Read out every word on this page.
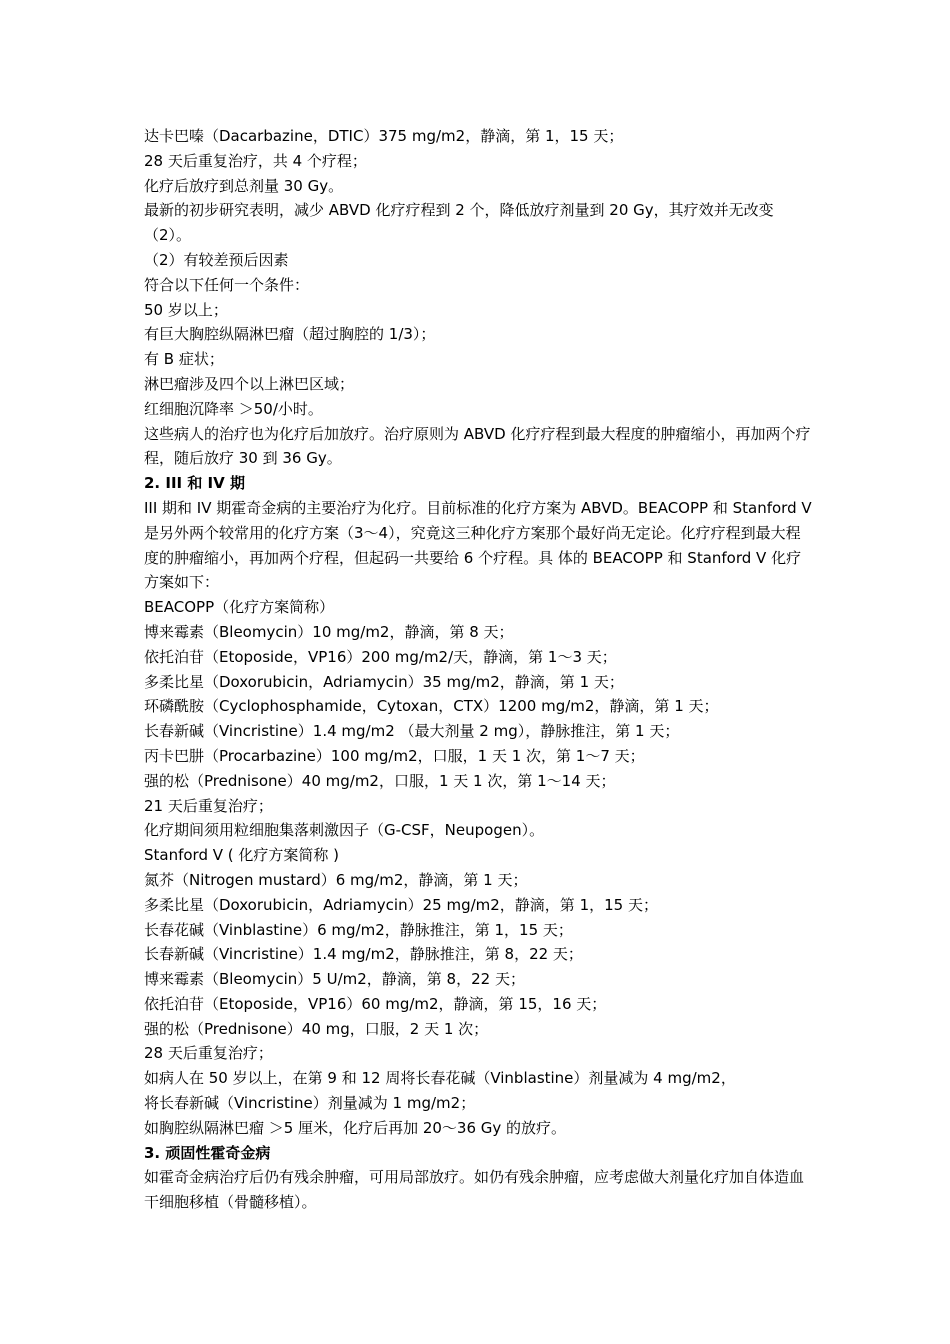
达卡巴嗪（Dacarbazine，DTIC）375 mg/m2，静滴，第 1，15 天；
28 天后重复治疗，共 4 个疗程；
化疗后放疗到总剂量 30 Gy。
最新的初步研究表明，减少 ABVD 化疗疗程到 2 个，降低放疗剂量到 20 Gy，其疗效并无改变（2）。
（2）有较差预后因素
符合以下任何一个条件：
50 岁以上；
有巨大胸腔纵隔淋巴瘤（超过胸腔的 1/3）；
有 B 症状；
淋巴瘤涉及四个以上淋巴区域；
红细胞沉降率 ＞50/小时。
这些病人的治疗也为化疗后加放疗。治疗原则为 ABVD 化疗疗程到最大程度的肿瘤缩小，再加两个疗程，随后放疗 30 到 36 Gy。
2. III 和 IV 期
III 期和 IV 期霍奇金病的主要治疗为化疗。目前标准的化疗方案为 ABVD。BEACOPP 和 Stanford V 是另外两个较常用的化疗方案（3～4），究竟这三种化疗方案那个最好尚无定论。化疗疗程到最大程度的肿瘤缩小，再加两个疗程，但起码一共要给 6 个疗程。具 体的 BEACOPP 和 Stanford V 化疗方案如下：
BEACOPP（化疗方案简称）
博来霉素（Bleomycin）10 mg/m2，静滴，第 8 天；
依托泊苷（Etoposide，VP16）200 mg/m2/天，静滴，第 1～3 天；
多柔比星（Doxorubicin，Adriamycin）35 mg/m2，静滴，第 1 天；
环磷酰胺（Cyclophosphamide，Cytoxan，CTX）1200 mg/m2，静滴，第 1 天；
长春新碱（Vincristine）1.4 mg/m2 （最大剂量 2 mg），静脉推注，第 1 天；
丙卡巴肼（Procarbazine）100 mg/m2，口服，1 天 1 次，第 1～7 天；
强的松（Prednisone）40 mg/m2，口服，1 天 1 次，第 1～14 天；
21 天后重复治疗；
化疗期间须用粒细胞集落刺激因子（G-CSF，Neupogen）。
Stanford V ( 化疗方案简称 )
氮芥（Nitrogen mustard）6 mg/m2，静滴，第 1 天；
多柔比星（Doxorubicin，Adriamycin）25 mg/m2，静滴，第 1，15 天；
长春花碱（Vinblastine）6 mg/m2，静脉推注，第 1，15 天；
长春新碱（Vincristine）1.4 mg/m2，静脉推注，第 8，22 天；
博来霉素（Bleomycin）5 U/m2，静滴，第 8，22 天；
依托泊苷（Etoposide，VP16）60 mg/m2，静滴，第 15，16 天；
强的松（Prednisone）40 mg，口服，2 天 1 次；
28 天后重复治疗；
如病人在 50 岁以上，在第 9 和 12 周将长春花碱（Vinblastine）剂量减为 4 mg/m2，
将长春新碱（Vincristine）剂量减为 1 mg/m2；
如胸腔纵隔淋巴瘤 ＞5 厘米，化疗后再加 20～36 Gy 的放疗。
3. 顽固性霍奇金病
如霍奇金病治疗后仍有残余肿瘤，可用局部放疗。如仍有残余肿瘤，应考虑做大剂量化疗加自体造血干细胞移植（骨髓移植）。
